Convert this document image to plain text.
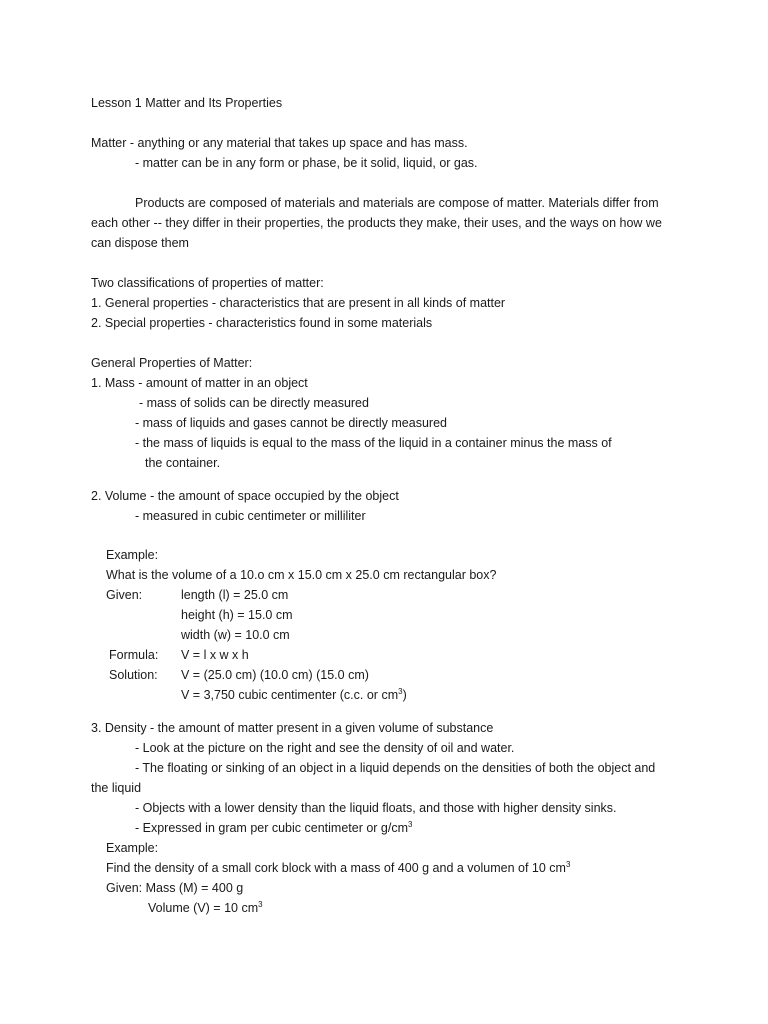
Lesson 1 Matter and Its Properties
Matter - anything or any material that takes up space and has mass.
- matter can be in any form or phase, be it solid, liquid, or gas.
Products are composed of materials and materials are compose of matter. Materials differ from
each other -- they differ in their properties, the products they make, their uses, and the ways on how we
can dispose them
Two classifications of properties of matter:
1. General properties - characteristics that are present in all kinds of matter
2. Special properties - characteristics found in some materials
General Properties of Matter:
1. Mass - amount of matter in an object
- mass of solids can be directly measured
- mass of liquids and gases cannot be directly measured
- the mass of liquids is equal to the mass of the liquid in a container minus the mass of
the container.
2. Volume - the amount of space occupied by the object
- measured in cubic centimeter or milliliter
Example:
What is the volume of a 10.o cm x 15.0 cm x 25.0 cm rectangular box?
Given:	length (l) = 25.0 cm
height (h) = 15.0 cm
width (w) = 10.0 cm
Formula: V = l x w x h
Solution: V = (25.0 cm) (10.0 cm) (15.0 cm)
V = 3,750 cubic centimenter (c.c. or $cm^3$)
3. Density - the amount of matter present in a given volume of substance
- Look at the picture on the right and see the density of oil and water.
- The floating or sinking of an object in a liquid depends on the densities of both the object and
the liquid
- Objects with a lower density than the liquid floats, and those with higher density sinks.
- Expressed in gram per cubic centimeter or $g/cm^3$
Example:
Find the density of a small cork block with a mass of 400 g and a volumen of 10 $cm^3$
Given: Mass (M) = 400 g
Volume (V) = 10 $cm^3$
